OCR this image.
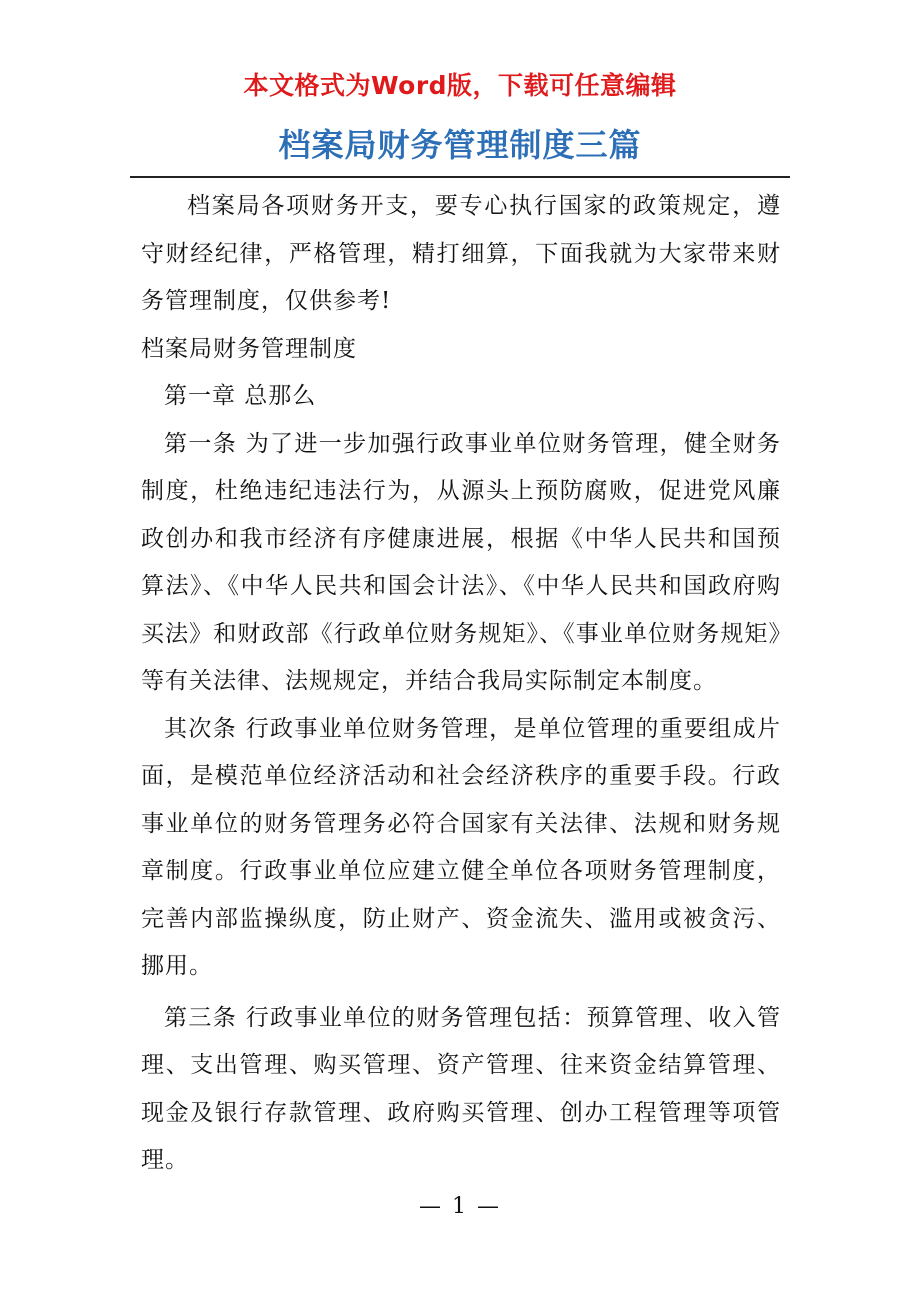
本文格式为Word版，下载可任意编辑
档案局财务管理制度三篇

档案局各项财务开支，要专心执行国家的政策规定，遵守财经纪律，严格管理，精打细算，下面我就为大家带来财务管理制度，仅供参考!

档案局财务管理制度

第一章 总那么

第一条 为了进一步加强行政事业单位财务管理，健全财务制度，杜绝违纪违法行为，从源头上预防腐败，促进党风廉政创办和我市经济有序健康进展，根据《中华人民共和国预算法》、《中华人民共和国会计法》、《中华人民共和国政府购买法》和财政部《行政单位财务规矩》、《事业单位财务规矩》等有关法律、法规规定，并结合我局实际制定本制度。

其次条 行政事业单位财务管理，是单位管理的重要组成片面，是模范单位经济活动和社会经济秩序的重要手段。行政事业单位的财务管理务必符合国家有关法律、法规和财务规章制度。行政事业单位应建立健全单位各项财务管理制度，完善内部监操纵度，防止财产、资金流失、滥用或被贪污、挪用。

第三条 行政事业单位的财务管理包括：预算管理、收入管理、支出管理、购买管理、资产管理、往来资金结算管理、现金及银行存款管理、政府购买管理、创办工程管理等项管理。

— 1 —
